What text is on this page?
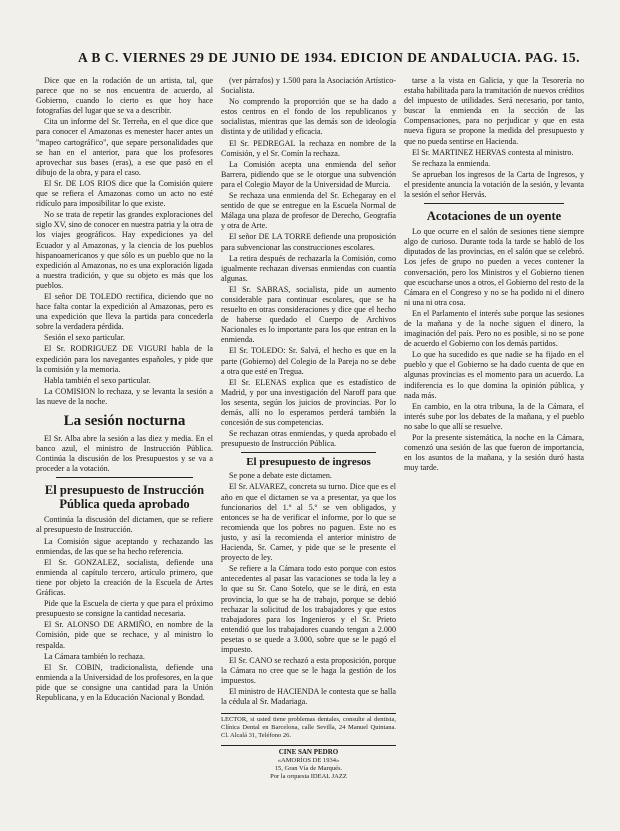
A B C. VIERNES 29 DE JUNIO DE 1934. EDICION DE ANDALUCIA. PAG. 15.

Dice que en la rodación de un artista, tal, que parece que no se nos encuentra de acuerdo, al Gobierno, cuando lo cierto es que hoy hace fotografías del lugar que se va a describir.

Cita un informe del Sr. Terreña, en el que dice que para conocer el Amazonas es menester hacer antes un "mapeo cartográfico", que separe personalidades que se han en el anterior, para que los profesores aprovechar sus bases (eras), a ese que pasó en el dibujo de la obra, y para el caso.

El Sr. DE LOS RIOS dice que la Comisión quiere que se refiera el Amazonas como un acto no esté ridículo para imposibilitar lo que existe.

No se trata de repetir las grandes exploraciones del siglo XV, sino de conocer en nuestra patria y la otra de los viajes geográficos. Hay expediciones ya del Ecuador y al Amazonas, y la ciencia de los pueblos hispanoamericanos y que sólo es un pueblo que no la expedición al Amazonas, no es una exploración ligada a nuestra tradición, y que su objeto es más que los pueblos.

El señor DE TOLEDO rectifica, diciendo que no hace falta contar la expedición al Amazonas, pero es una expedición que lleva la partida para concederla sobre la verdadera pérdida.

Sesión el sexo particular.

El Sr. RODRIGUEZ DE VIGURI habla de la expedición para los navegantes españoles, y pide que la comisión y la memoria.

Habla también el sexo particular.

La COMISION lo rechaza, y se levanta la sesión a las nueve de la noche.

La sesión nocturna

El Sr. Alba abre la sesión a las diez y media. En el banco azul, el ministro de Instrucción Pública. Continúa la discusión de los Presupuestos y se va a proceder a la votación.

El presupuesto de Instrucción Pública queda aprobado

Continúa la discusión del dictamen, que se refiere al presupuesto de Instrucción.

La Comisión sigue aceptando y rechazando las enmiendas, de las que se ha hecho referencia.

El Sr. GONZALEZ, socialista, defiende una enmienda al capítulo tercero, artículo primero, que tiene por objeto la creación de la Escuela de Artes Gráficas.

Pide que la Escuela de cierta y que para el próximo presupuesto se consigne la cantidad necesaria.

El Sr. ALONSO DE ARMIÑO, en nombre de la Comisión, pide que se rechace, y al ministro lo respalda.

La Cámara también lo rechaza.

El Sr. COBIN, tradicionalista, defiende una enmienda a la Universidad de los profesores, en la que pide que se consigne una cantidad para la Unión Republicana, y en la Educación Nacional y Bondad.

(ver párrafos) y 1.500 para la Asociación Artístico-Socialista.

No comprendo la proporción que se ha dado a estos centros en el fondo de los republicanos y socialistas, mientras que las demás son de ideología distinta y de utilidad y eficacia.

El Sr. PEDREGAL la rechaza en nombre de la Comisión, y el Sr. Comín la rechaza.

La Comisión acepta una enmienda del señor Barrera, pidiendo que se le otorgue una subvención para el Colegio Mayor de la Universidad de Murcia.

Se rechaza una enmienda del Sr. Echegaray en el sentido de que se entregue en la Escuela Normal de Málaga una plaza de profesor de Derecho, Geografía y otra de Arte.

El señor DE LA TORRE defiende una proposición para subvencionar las construcciones escolares.

La retira después de rechazarla la Comisión, como igualmente rechazan diversas enmiendas con cuantía algunas.

El Sr. SABRAS, socialista, pide un aumento considerable para continuar escolares, que se ha resuelto en otras consideraciones y dice que el hecho de haberse quedado el Cuerpo de Archivos Nacionales es lo importante para los que entran en la enmienda.

El Sr. TOLEDO: Sr. Salvá, el hecho es que en la parte (Gobierno) del Colegio de la Pareja no se debe a otra que esté en Tregua.

El Sr. ELENAS explica que es estadístico de Madrid, y por una investigación del Naroff para que los sesenta, según los juicios de provincias. Por lo demás, allí no lo esperamos perderá también la concesión de sus competencias.

Se rechazan otras enmiendas, y queda aprobado el presupuesto de Instrucción Pública.

El presupuesto de ingresos

Se pone a debate este dictamen.

El Sr. ALVAREZ, concreta su turno. Dice que es el año en que el dictamen se va a presentar, ya que los funcionarios del 1.º al 5.º se ven obligados, y entonces se ha de verificar el informe, por lo que se recomienda que los pobres no paguen. Este no es justo, y así la recomienda el anterior ministro de Hacienda, Sr. Carner, y pide que se le presente el proyecto de ley.

Se refiere a la Cámara todo esto porque con estos antecedentes al pasar las vacaciones se toda la ley a lo que su Sr. Cano Sotelo, que se le dirá, en esta provincia, lo que se ha de trabajo, porque se debió rechazar la solicitud de los trabajadores y que estos trabajadores para los Ingenieros y el Sr. Prieto entendió que los trabajadores cuando tengan a 2.000 pesetas o se quede a 3.000, sobre que se le pagó el impuesto.

El Sr. CANO se rechazó a esta proposición, porque la Cámara no cree que se le haga la gestión de los impuestos.

El ministro de HACIENDA le contesta que se halla la cédula al Sr. Madariaga.

LECTOR, si usted tiene problemas dentales, consulte al dentista, Clínica Dental en Barcelona, calle Sevilla, 24 Manuel Quintana. Cl. Alcalá 31, Teléfono 26.
CINE SAN PEDRO
«AMORÍOS DE 1934»
15, Gran Vía de Marqués.
Por la orquesta IDEAL JAZZ

tarse a la vista en Galicia, y que la Tesorería no estaba habilitada para la tramitación de nuevos créditos del impuesto de utilidades. Será necesario, por tanto, buscar la enmienda en la sección de las Compensaciones, para no perjudicar y que en esta nueva figura se propone la medida del presupuesto y que no pueda sentirse en Hacienda.

El Sr. MARTINEZ HERVAS contesta al ministro.

Se rechaza la enmienda.

Se aprueban los ingresos de la Carta de Ingresos, y el presidente anuncia la votación de la sesión, y levanta la sesión el señor Hervás.

Acotaciones de un oyente

Lo que ocurre en el salón de sesiones tiene siempre algo de curioso. Durante toda la tarde se habló de los diputados de las provincias, en el salón que se celebró. Los jefes de grupo no pueden a veces contener la conversación, pero los Ministros y el Gobierno tienen que escucharse unos a otros, el Gobierno del resto de la Cámara en el Congreso y no se ha podido ni el dinero ni una ni otra cosa.

En el Parlamento el interés sube porque las sesiones de la mañana y de la noche siguen el dinero, la imaginación del país. Pero no es posible, si no se pone de acuerdo el Gobierno con los demás partidos.

Lo que ha sucedido es que nadie se ha fijado en el pueblo y que el Gobierno se ha dado cuenta de que en algunas provincias es el momento para un acuerdo. La indiferencia es lo que domina la opinión pública, y nada más.

En cambio, en la otra tribuna, la de la Cámara, el interés sube por los debates de la mañana, y el pueblo no sabe lo que allí se resuelve.

Por la presente sistemática, la noche en la Cámara, comenzó una sesión de las que fueron de importancia, en los asuntos de la mañana, y la sesión duró hasta muy tarde.
